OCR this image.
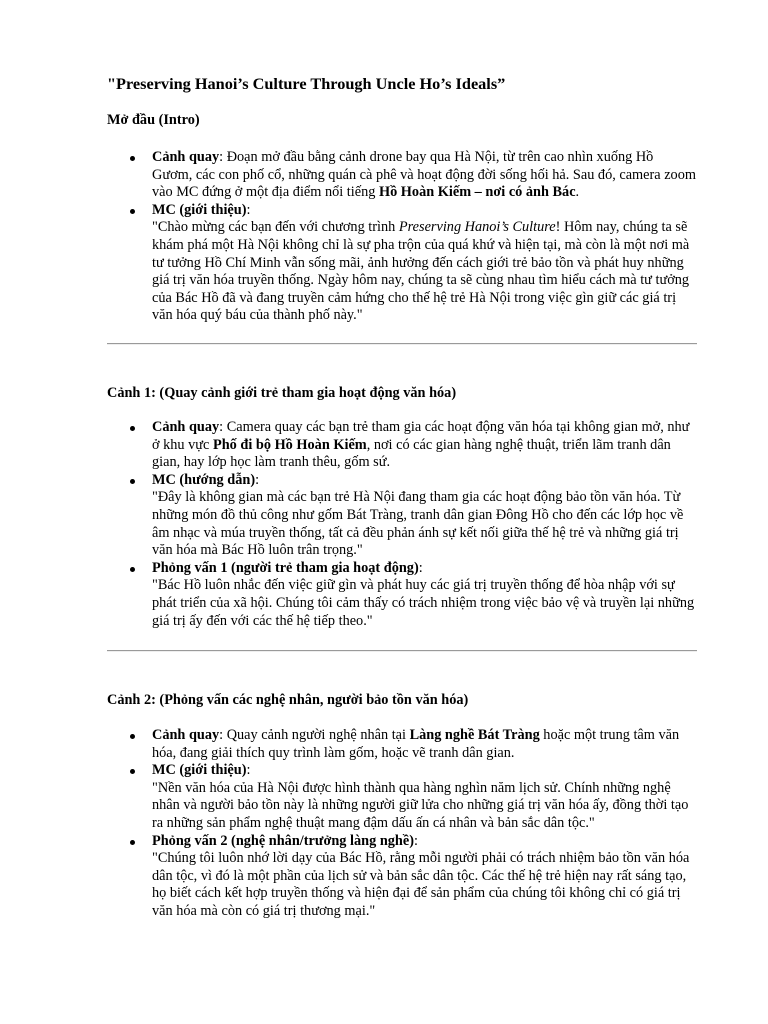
"Preserving Hanoi’s Culture Through Uncle Ho’s Ideals”
Mở đầu (Intro)
Cảnh quay: Đoạn mở đầu bằng cảnh drone bay qua Hà Nội, từ trên cao nhìn xuống Hồ Gươm, các con phố cổ, những quán cà phê và hoạt động đời sống hối hả. Sau đó, camera zoom vào MC đứng ở một địa điểm nổi tiếng Hồ Hoàn Kiếm – nơi có ảnh Bác.
MC (giới thiệu):
"Chào mừng các bạn đến với chương trình Preserving Hanoi’s Culture! Hôm nay, chúng ta sẽ khám phá một Hà Nội không chỉ là sự pha trộn của quá khứ và hiện tại, mà còn là một nơi mà tư tưởng Hồ Chí Minh vẫn sống mãi, ảnh hưởng đến cách giới trẻ bảo tồn và phát huy những giá trị văn hóa truyền thống. Ngày hôm nay, chúng ta sẽ cùng nhau tìm hiểu cách mà tư tưởng của Bác Hồ đã và đang truyền cảm hứng cho thế hệ trẻ Hà Nội trong việc gìn giữ các giá trị văn hóa quý báu của thành phố này."
Cảnh 1: (Quay cảnh giới trẻ tham gia hoạt động văn hóa)
Cảnh quay: Camera quay các bạn trẻ tham gia các hoạt động văn hóa tại không gian mở, như ở khu vực Phố đi bộ Hồ Hoàn Kiếm, nơi có các gian hàng nghệ thuật, triển lãm tranh dân gian, hay lớp học làm tranh thêu, gốm sứ.
MC (hướng dẫn):
"Đây là không gian mà các bạn trẻ Hà Nội đang tham gia các hoạt động bảo tồn văn hóa. Từ những món đồ thủ công như gốm Bát Tràng, tranh dân gian Đông Hồ cho đến các lớp học về âm nhạc và múa truyền thống, tất cả đều phản ánh sự kết nối giữa thế hệ trẻ và những giá trị văn hóa mà Bác Hồ luôn trân trọng."
Phỏng vấn 1 (người trẻ tham gia hoạt động):
"Bác Hồ luôn nhắc đến việc giữ gìn và phát huy các giá trị truyền thống để hòa nhập với sự phát triển của xã hội. Chúng tôi cảm thấy có trách nhiệm trong việc bảo vệ và truyền lại những giá trị ấy đến với các thế hệ tiếp theo."
Cảnh 2: (Phỏng vấn các nghệ nhân, người bảo tồn văn hóa)
Cảnh quay: Quay cảnh người nghệ nhân tại Làng nghề Bát Tràng hoặc một trung tâm văn hóa, đang giải thích quy trình làm gốm, hoặc vẽ tranh dân gian.
MC (giới thiệu):
"Nền văn hóa của Hà Nội được hình thành qua hàng nghìn năm lịch sử. Chính những nghệ nhân và người bảo tồn này là những người giữ lửa cho những giá trị văn hóa ấy, đồng thời tạo ra những sản phẩm nghệ thuật mang đậm dấu ấn cá nhân và bản sắc dân tộc."
Phỏng vấn 2 (nghệ nhân/trưởng làng nghề):
"Chúng tôi luôn nhớ lời dạy của Bác Hồ, rằng mỗi người phải có trách nhiệm bảo tồn văn hóa dân tộc, vì đó là một phần của lịch sử và bản sắc dân tộc. Các thế hệ trẻ hiện nay rất sáng tạo, họ biết cách kết hợp truyền thống và hiện đại để sản phẩm của chúng tôi không chỉ có giá trị văn hóa mà còn có giá trị thương mại."
